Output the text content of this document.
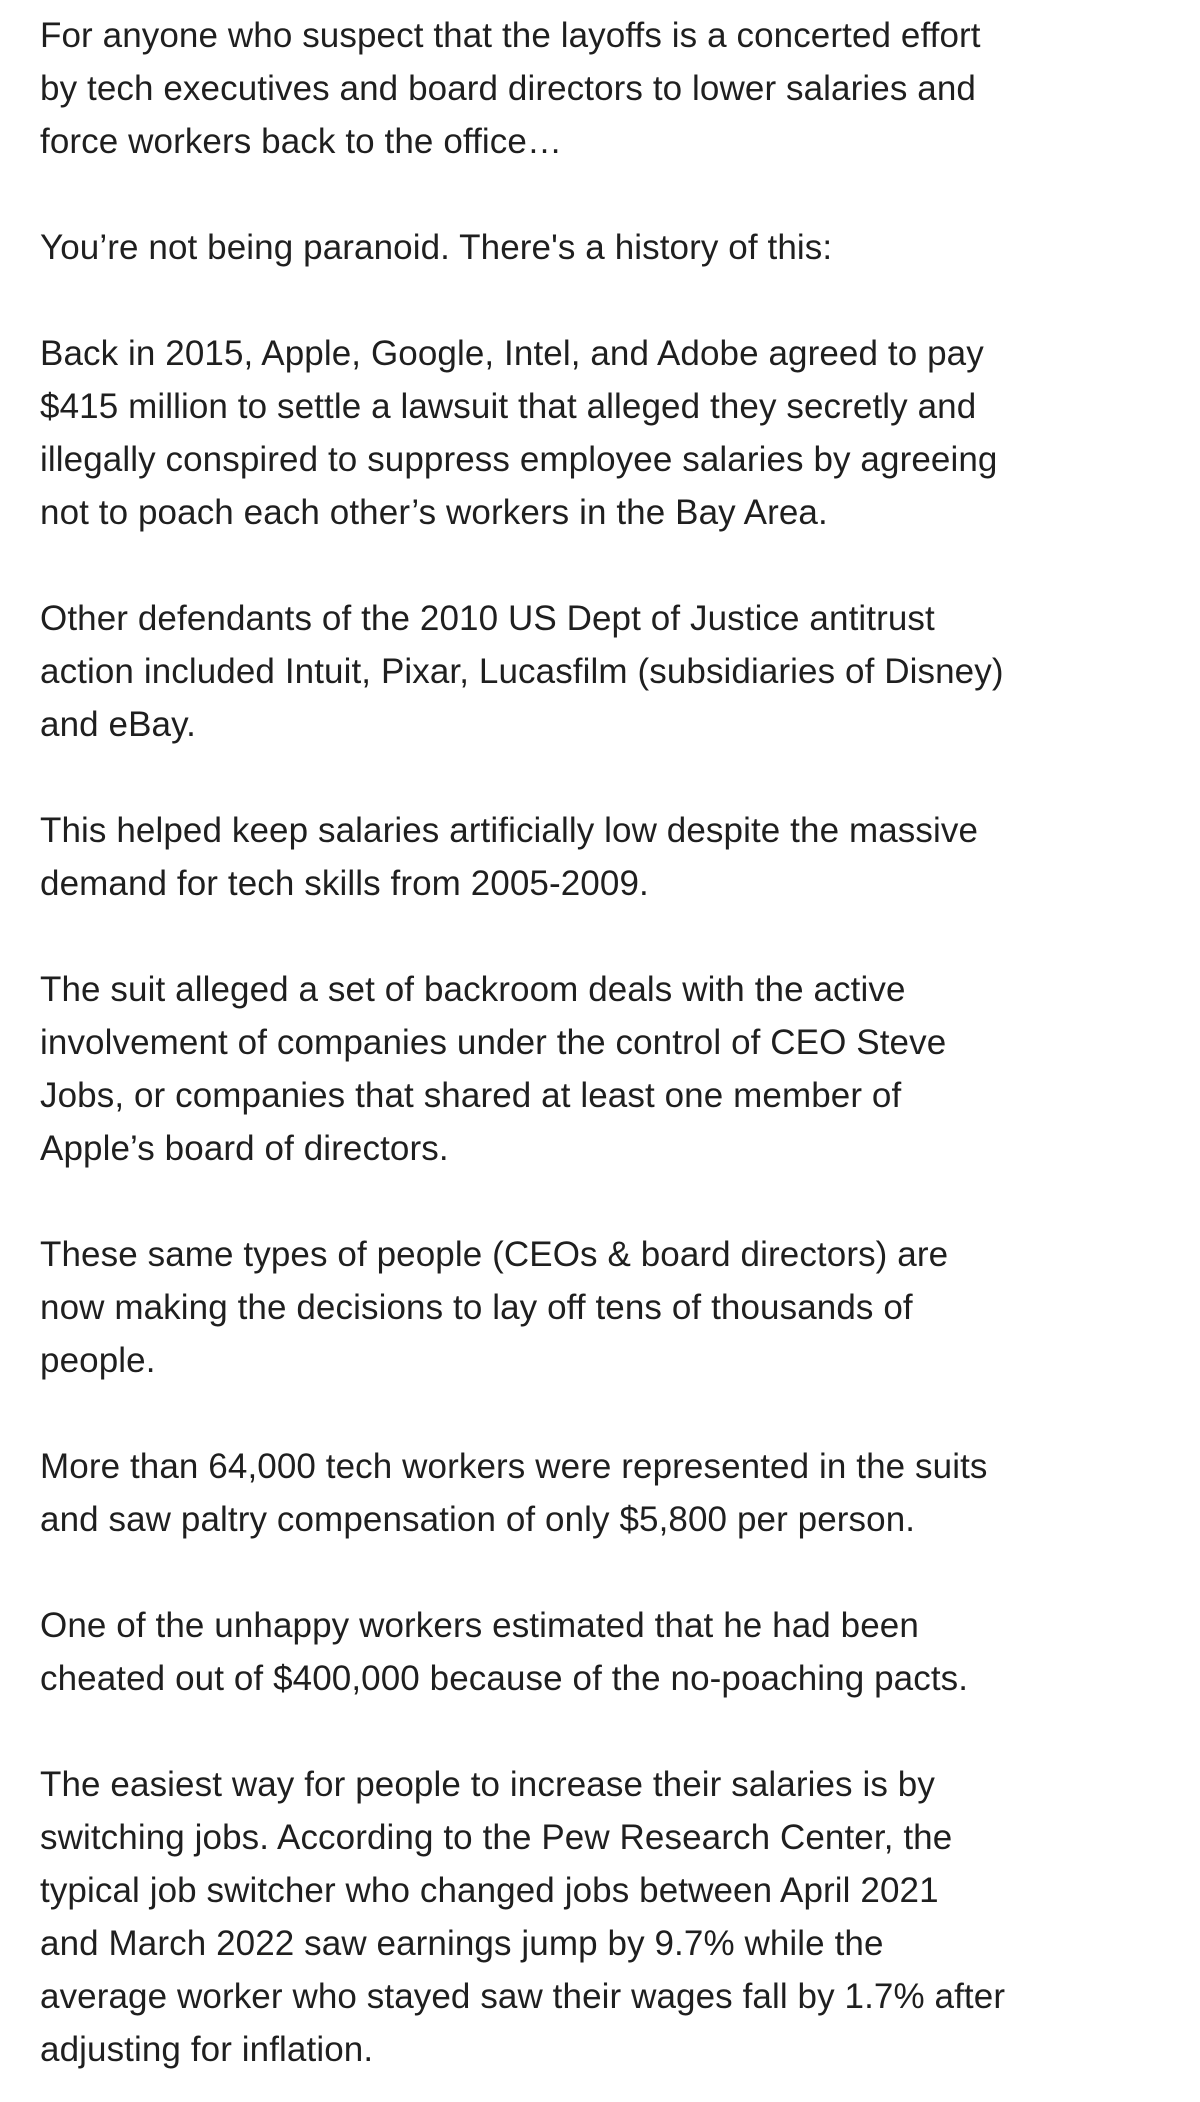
For anyone who suspect that the layoffs is a concerted effort
by tech executives and board directors to lower salaries and
force workers back to the office…

You’re not being paranoid. There's a history of this:

Back in 2015, Apple, Google, Intel, and Adobe agreed to pay
$415 million to settle a lawsuit that alleged they secretly and
illegally conspired to suppress employee salaries by agreeing
not to poach each other’s workers in the Bay Area.

Other defendants of the 2010 US Dept of Justice antitrust
action included Intuit, Pixar, Lucasfilm (subsidiaries of Disney)
and eBay.

This helped keep salaries artificially low despite the massive
demand for tech skills from 2005-2009.

The suit alleged a set of backroom deals with the active
involvement of companies under the control of CEO Steve
Jobs, or companies that shared at least one member of
Apple’s board of directors.

These same types of people (CEOs & board directors) are
now making the decisions to lay off tens of thousands of
people.

More than 64,000 tech workers were represented in the suits
and saw paltry compensation of only $5,800 per person.

One of the unhappy workers estimated that he had been
cheated out of $400,000 because of the no-poaching pacts.

The easiest way for people to increase their salaries is by
switching jobs. According to the Pew Research Center, the
typical job switcher who changed jobs between April 2021
and March 2022 saw earnings jump by 9.7% while the
average worker who stayed saw their wages fall by 1.7% after
adjusting for inflation.
